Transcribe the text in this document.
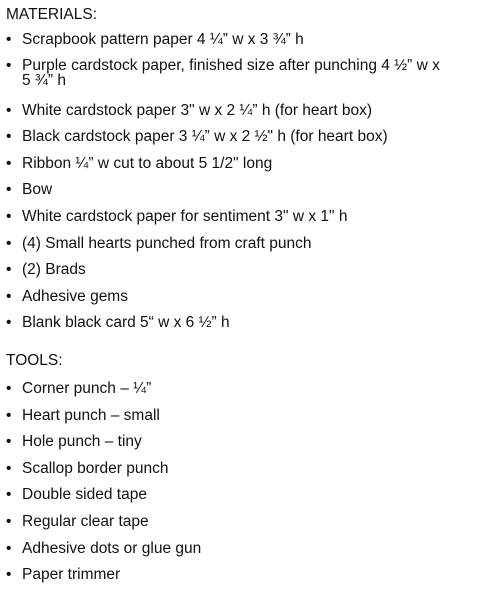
MATERIALS:
• Scrapbook pattern paper 4 ¼” w x 3 ¾” h
• Purple cardstock paper, finished size after punching 4 ½” w x 5 ¾” h
• White cardstock paper 3" w x 2 ¼” h (for heart box)
• Black cardstock paper 3 ¼” w x 2 ½" h (for heart box)
• Ribbon ¼” w cut to about 5 1/2" long
• Bow
• White cardstock paper for sentiment 3" w x 1" h
• (4) Small hearts punched from craft punch
• (2) Brads
• Adhesive gems
• Blank black card 5“ w x 6 ½” h
TOOLS:
• Corner punch – ¼”
• Heart punch – small
• Hole punch – tiny
• Scallop border punch
• Double sided tape
• Regular clear tape
• Adhesive dots or glue gun
• Paper trimmer
